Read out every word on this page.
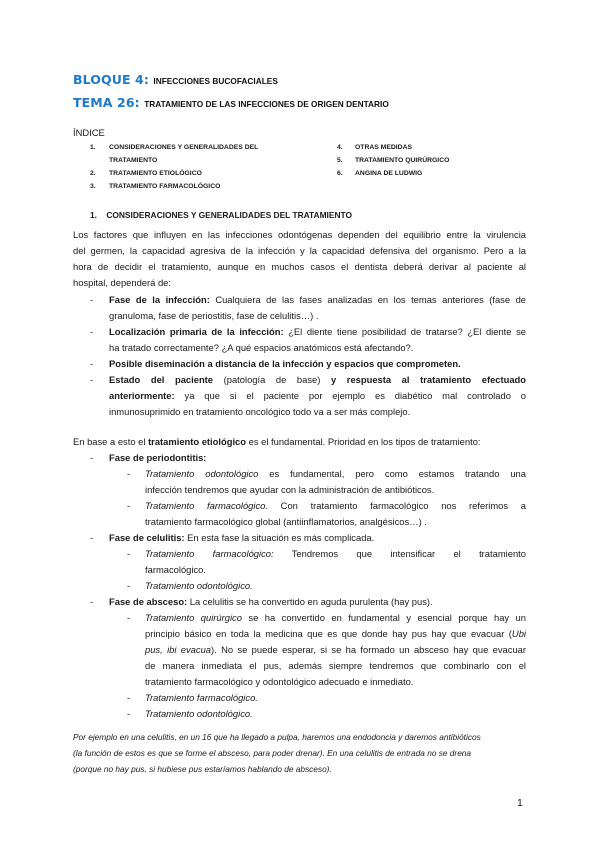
BLOQUE 4: INFECCIONES BUCOFACIALES
TEMA 26: TRATAMIENTO DE LAS INFECCIONES DE ORIGEN DENTARIO
ÍNDICE
1. CONSIDERACIONES Y GENERALIDADES DEL
TRATAMIENTO
2. TRATAMIENTO ETIOLÓGICO
3. TRATAMIENTO FARMACOLÓGICO
4. OTRAS MEDIDAS
5. TRATAMIENTO QUIRÚRGICO
6. ANGINA DE LUDWIG
1. CONSIDERACIONES Y GENERALIDADES DEL TRATAMIENTO
Los factores que influyen en las infecciones odontógenas dependen del equilibrio entre la virulencia
del germen, la capacidad agresiva de la infección y la capacidad defensiva del organismo. Pero a la
hora de decidir el tratamiento, aunque en muchos casos el dentista deberá derivar al paciente al
hospital, dependerá de:
- Fase de la infección: Cualquiera de las fases analizadas en los temas anteriores (fase de
granuloma, fase de periostitis, fase de celulitis…) .
- Localización primaria de la infección: ¿El diente tiene posibilidad de tratarse? ¿El diente se
ha tratado correctamente? ¿A qué espacios anatómicos está afectando?.
- Posible diseminación a distancia de la infección y espacios que comprometen.
- Estado del paciente (patología de base) y respuesta al tratamiento efectuado
anteriormente: ya que si el paciente por ejemplo es diabético mal controlado o
inmunosuprimido en tratamiento oncológico todo va a ser más complejo.
En base a esto el tratamiento etiológico es el fundamental. Prioridad en los tipos de tratamiento:
- Fase de periodontitis:
- Tratamiento odontológico es fundamental, pero como estamos tratando una
infección tendremos que ayudar con la administración de antibióticos.
- Tratamiento farmacológico. Con tratamiento farmacológico nos referimos a
tratamiento farmacológico global (antiinflamatorios, analgésicos…) .
- Fase de celulitis: En esta fase la situación es más complicada.
- Tratamiento farmacológico: Tendremos que intensificar el tratamiento
farmacológico.
- Tratamiento odontológico.
- Fase de absceso: La celulitis se ha convertido en aguda purulenta (hay pus).
- Tratamiento quirúrgico se ha convertido en fundamental y esencial porque hay un
principio básico en toda la medicina que es que donde hay pus hay que evacuar (Ubi
pus, ibi evacua). No se puede esperar, si se ha formado un absceso hay que evacuar
de manera inmediata el pus, además siempre tendremos que combinarlo con el
tratamiento farmacológico y odontológico adecuado e inmediato.
- Tratamiento farmacológico.
- Tratamiento odontológico.
Por ejemplo en una celulitis, en un 16 que ha llegado a pulpa, haremos una endodoncia y daremos antibióticos
(la función de estos es que se forme el absceso, para poder drenar). En una celulitis de entrada no se drena
(porque no hay pus, si hubiese pus estaríamos hablando de absceso).
1
